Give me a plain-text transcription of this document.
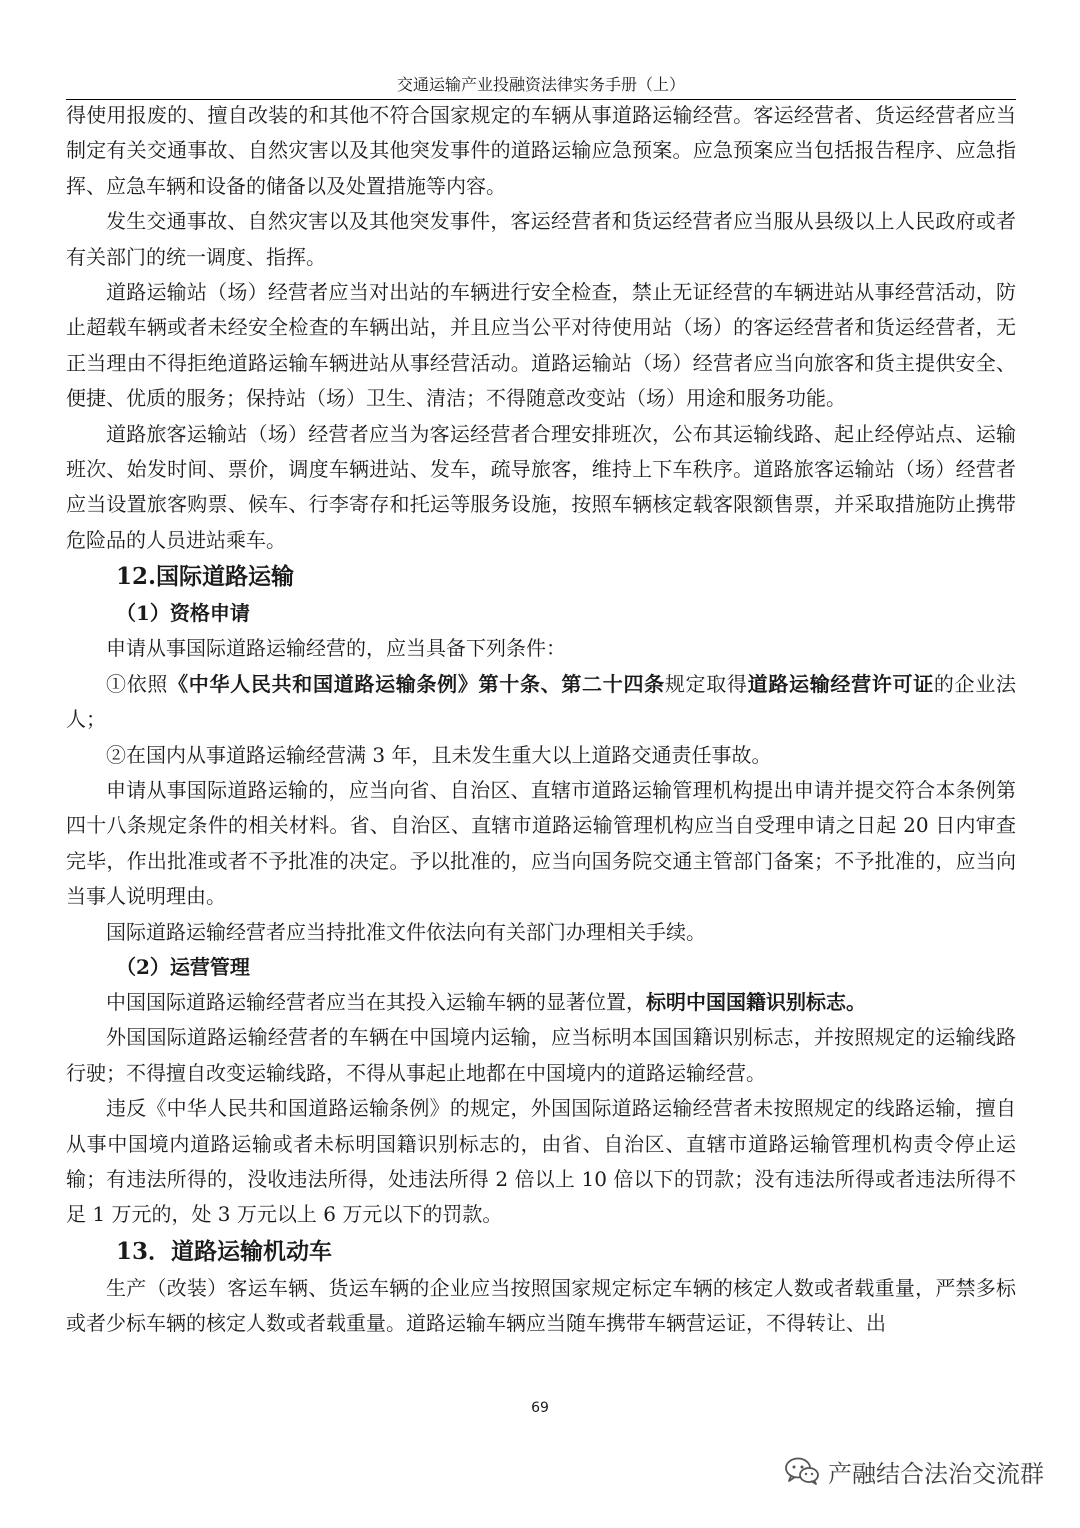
交通运输产业投融资法律实务手册（上）

得使用报废的、擅自改装的和其他不符合国家规定的车辆从事道路运输经营。客运经营者、货运经营者应当制定有关交通事故、自然灾害以及其他突发事件的道路运输应急预案。应急预案应当包括报告程序、应急指挥、应急车辆和设备的储备以及处置措施等内容。

发生交通事故、自然灾害以及其他突发事件，客运经营者和货运经营者应当服从县级以上人民政府或者有关部门的统一调度、指挥。

道路运输站（场）经营者应当对出站的车辆进行安全检查，禁止无证经营的车辆进站从事经营活动，防止超载车辆或者未经安全检查的车辆出站，并且应当公平对待使用站（场）的客运经营者和货运经营者，无正当理由不得拒绝道路运输车辆进站从事经营活动。道路运输站（场）经营者应当向旅客和货主提供安全、便捷、优质的服务；保持站（场）卫生、清洁；不得随意改变站（场）用途和服务功能。

道路旅客运输站（场）经营者应当为客运经营者合理安排班次，公布其运输线路、起止经停站点、运输班次、始发时间、票价，调度车辆进站、发车，疏导旅客，维持上下车秩序。道路旅客运输站（场）经营者应当设置旅客购票、候车、行李寄存和托运等服务设施，按照车辆核定载客限额售票，并采取措施防止携带危险品的人员进站乘车。

12.国际道路运输
（1）资格申请

申请从事国际道路运输经营的，应当具备下列条件：

①依照《中华人民共和国道路运输条例》第十条、第二十四条规定取得道路运输经营许可证的企业法人；

②在国内从事道路运输经营满 3 年，且未发生重大以上道路交通责任事故。

申请从事国际道路运输的，应当向省、自治区、直辖市道路运输管理机构提出申请并提交符合本条例第四十八条规定条件的相关材料。省、自治区、直辖市道路运输管理机构应当自受理申请之日起 20 日内审查完毕，作出批准或者不予批准的决定。予以批准的，应当向国务院交通主管部门备案；不予批准的，应当向当事人说明理由。

国际道路运输经营者应当持批准文件依法向有关部门办理相关手续。

（2）运营管理

中国国际道路运输经营者应当在其投入运输车辆的显著位置，标明中国国籍识别标志。

外国国际道路运输经营者的车辆在中国境内运输，应当标明本国国籍识别标志，并按照规定的运输线路行驶；不得擅自改变运输线路，不得从事起止地都在中国境内的道路运输经营。

违反《中华人民共和国道路运输条例》的规定，外国国际道路运输经营者未按照规定的线路运输，擅自从事中国境内道路运输或者未标明国籍识别标志的，由省、自治区、直辖市道路运输管理机构责令停止运输；有违法所得的，没收违法所得，处违法所得 2 倍以上 10 倍以下的罚款；没有违法所得或者违法所得不足 1 万元的，处 3 万元以上 6 万元以下的罚款。

13．道路运输机动车

生产（改装）客运车辆、货运车辆的企业应当按照国家规定标定车辆的核定人数或者载重量，严禁多标或者少标车辆的核定人数或者载重量。道路运输车辆应当随车携带车辆营运证，不得转让、出

69
产融结合法治交流群
